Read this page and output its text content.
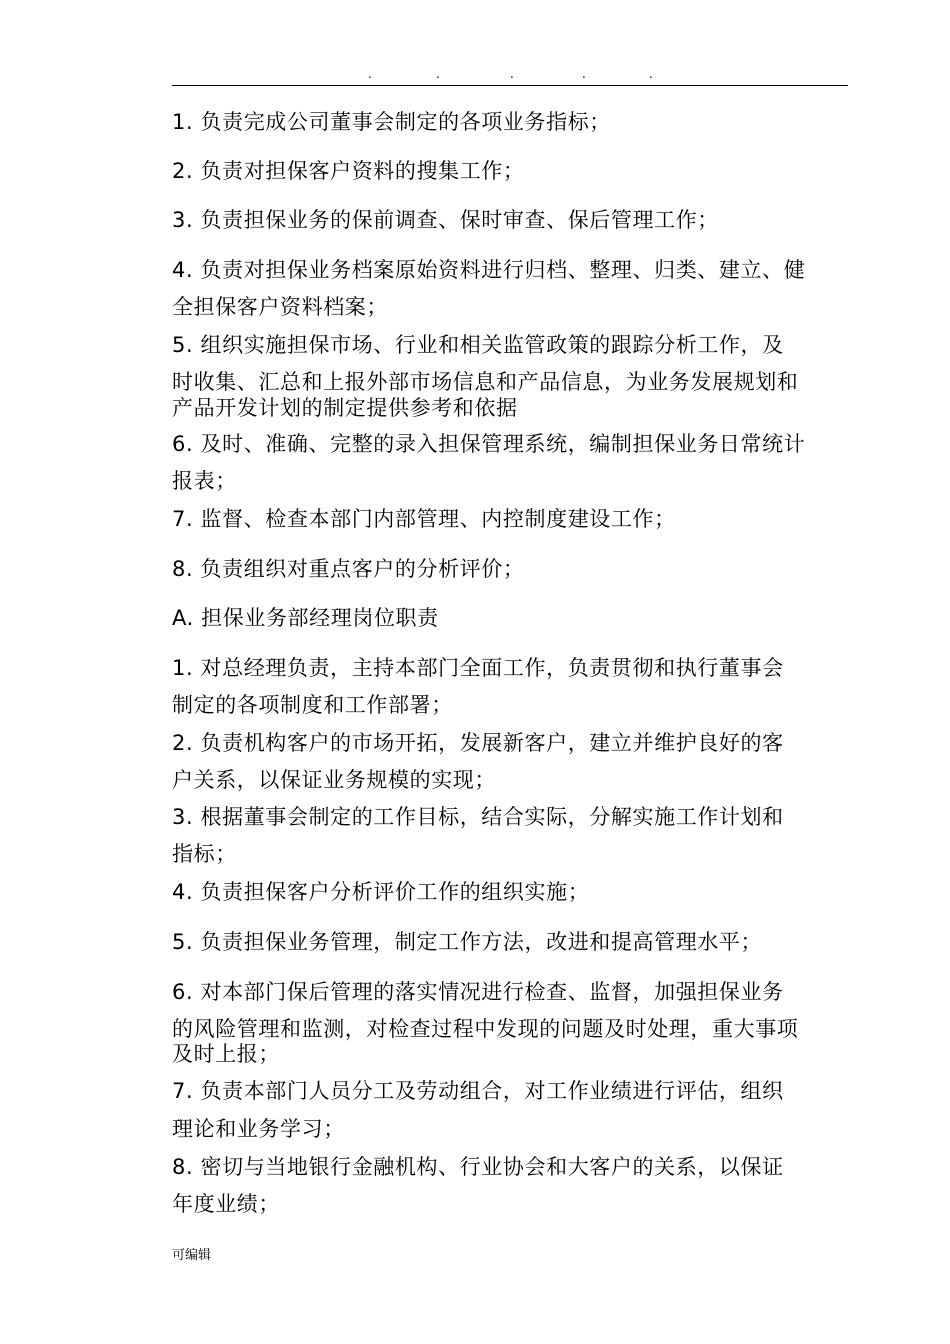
.	.	.	.	.
1. 负责完成公司董事会制定的各项业务指标；
2. 负责对担保客户资料的搜集工作；
3. 负责担保业务的保前调查、保时审查、保后管理工作；
4. 负责对担保业务档案原始资料进行归档、整理、归类、建立、健
全担保客户资料档案；
5. 组织实施担保市场、行业和相关监管政策的跟踪分析工作，及
时收集、汇总和上报外部市场信息和产品信息，为业务发展规划和
产品开发计划的制定提供参考和依据
6. 及时、准确、完整的录入担保管理系统，编制担保业务日常统计
报表；
7. 监督、检查本部门内部管理、内控制度建设工作；
8. 负责组织对重点客户的分析评价；
A. 担保业务部经理岗位职责
1. 对总经理负责，主持本部门全面工作，负责贯彻和执行董事会
制定的各项制度和工作部署；
2. 负责机构客户的市场开拓，发展新客户，建立并维护良好的客
户关系，以保证业务规模的实现；
3. 根据董事会制定的工作目标，结合实际，分解实施工作计划和
指标；
4. 负责担保客户分析评价工作的组织实施；
5. 负责担保业务管理，制定工作方法，改进和提高管理水平；
6. 对本部门保后管理的落实情况进行检查、监督，加强担保业务
的风险管理和监测，对检查过程中发现的问题及时处理，重大事项
及时上报；
7. 负责本部门人员分工及劳动组合，对工作业绩进行评估，组织
理论和业务学习；
8. 密切与当地银行金融机构、行业协会和大客户的关系，以保证
年度业绩；
可编辑
